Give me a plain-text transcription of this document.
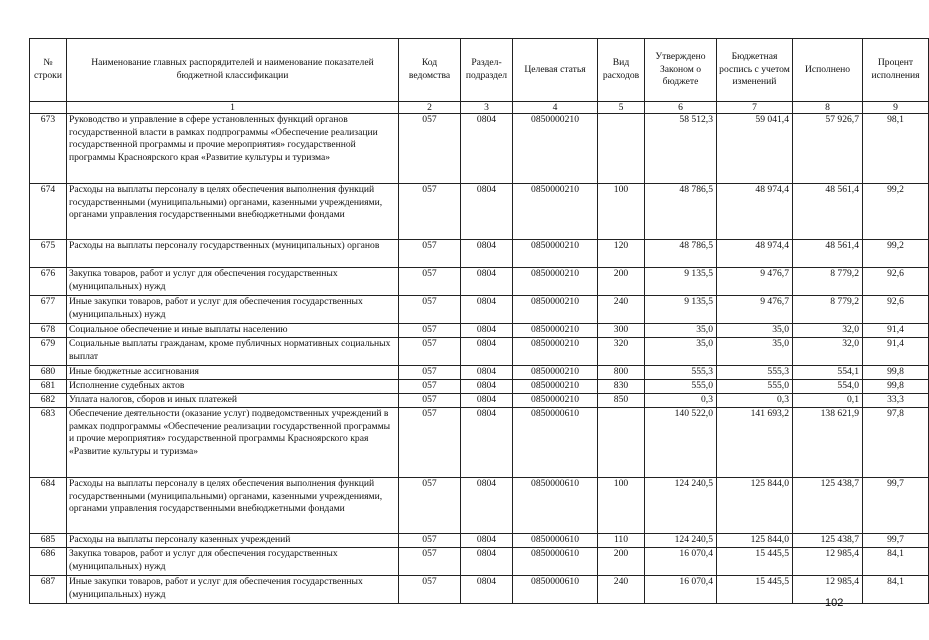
№ строки	Наименование главных распорядителей и наименование показателей бюджетной классификации	Код ведомства	Раздел-подраздел	Целевая статья	Вид расходов	Утверждено Законом о бюджете	Бюджетная роспись с учетом изменений	Исполнено	Процент исполнения
	1	2	3	4	5	6	7	8	9
673	Руководство и управление в сфере установленных функций органов государственной власти в рамках подпрограммы «Обеспечение реализации государственной программы и прочие мероприятия» государственной программы Красноярского края «Развитие культуры и туризма»	057	0804	0850000210		58 512,3	59 041,4	57 926,7	98,1
674	Расходы на выплаты персоналу в целях обеспечения выполнения функций государственными (муниципальными) органами, казенными учреждениями, органами управления государственными внебюджетными фондами	057	0804	0850000210	100	48 786,5	48 974,4	48 561,4	99,2
675	Расходы на выплаты персоналу государственных (муниципальных) органов	057	0804	0850000210	120	48 786,5	48 974,4	48 561,4	99,2
676	Закупка товаров, работ и услуг для обеспечения государственных (муниципальных) нужд	057	0804	0850000210	200	9 135,5	9 476,7	8 779,2	92,6
677	Иные закупки товаров, работ и услуг для обеспечения государственных (муниципальных) нужд	057	0804	0850000210	240	9 135,5	9 476,7	8 779,2	92,6
678	Социальное обеспечение и иные выплаты населению	057	0804	0850000210	300	35,0	35,0	32,0	91,4
679	Социальные выплаты гражданам, кроме публичных нормативных социальных выплат	057	0804	0850000210	320	35,0	35,0	32,0	91,4
680	Иные бюджетные ассигнования	057	0804	0850000210	800	555,3	555,3	554,1	99,8
681	Исполнение судебных актов	057	0804	0850000210	830	555,0	555,0	554,0	99,8
682	Уплата налогов, сборов и иных платежей	057	0804	0850000210	850	0,3	0,3	0,1	33,3
683	Обеспечение деятельности (оказание услуг) подведомственных учреждений в рамках подпрограммы «Обеспечение реализации государственной программы и прочие мероприятия» государственной программы Красноярского края «Развитие культуры и туризма»	057	0804	0850000610		140 522,0	141 693,2	138 621,9	97,8
684	Расходы на выплаты персоналу в целях обеспечения выполнения функций государственными (муниципальными) органами, казенными учреждениями, органами управления государственными внебюджетными фондами	057	0804	0850000610	100	124 240,5	125 844,0	125 438,7	99,7
685	Расходы на выплаты персоналу казенных учреждений	057	0804	0850000610	110	124 240,5	125 844,0	125 438,7	99,7
686	Закупка товаров, работ и услуг для обеспечения государственных (муниципальных) нужд	057	0804	0850000610	200	16 070,4	15 445,5	12 985,4	84,1
687	Иные закупки товаров, работ и услуг для обеспечения государственных (муниципальных) нужд	057	0804	0850000610	240	16 070,4	15 445,5	12 985,4	84,1
102
